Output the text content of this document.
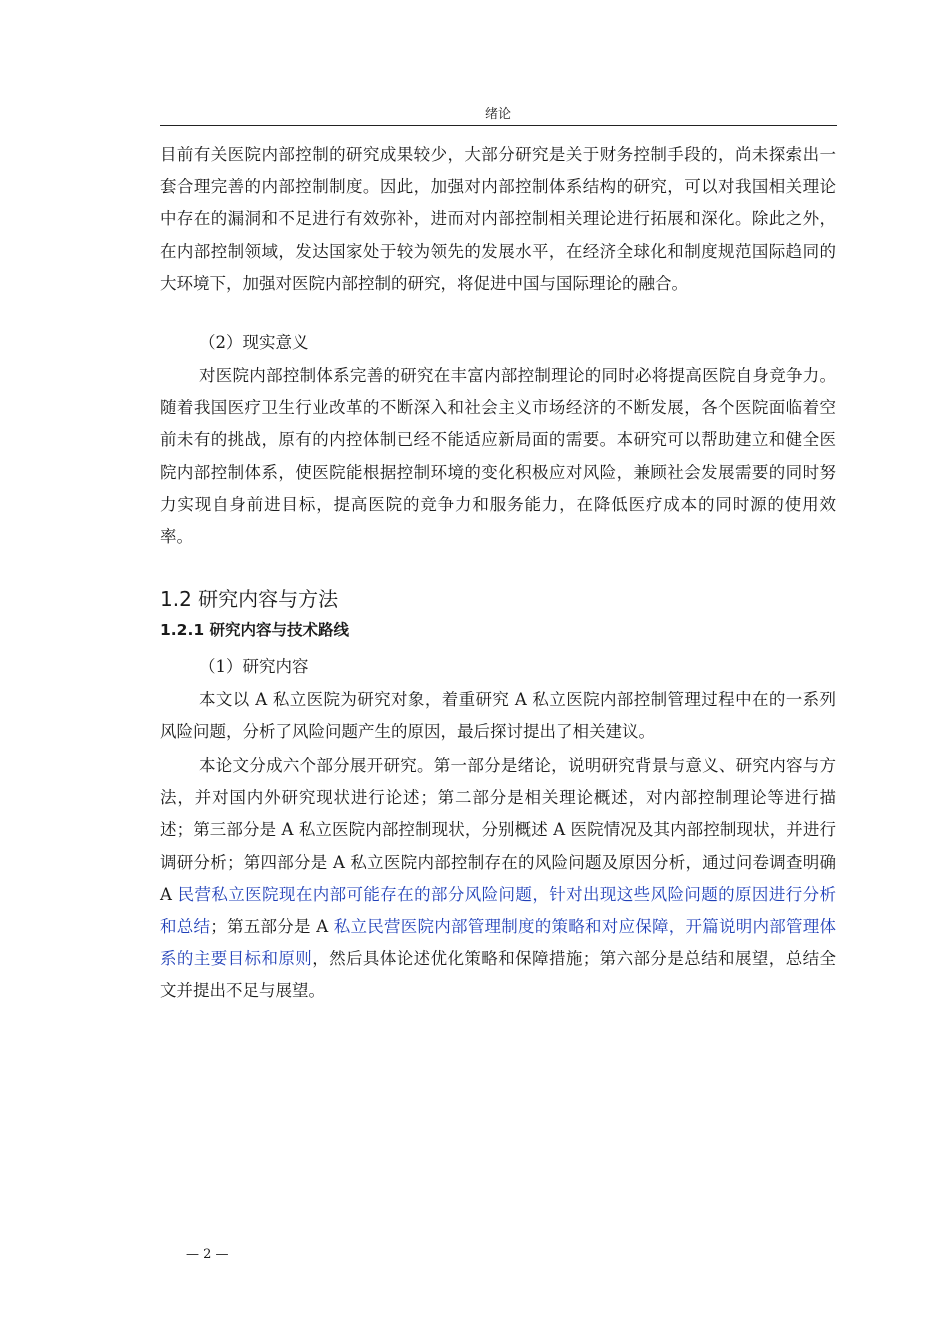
绪论

目前有关医院内部控制的研究成果较少，大部分研究是关于财务控制手段的，尚未探索出一套合理完善的内部控制制度。因此，加强对内部控制体系结构的研究，可以对我国相关理论中存在的漏洞和不足进行有效弥补，进而对内部控制相关理论进行拓展和深化。除此之外，在内部控制领域，发达国家处于较为领先的发展水平，在经济全球化和制度规范国际趋同的大环境下，加强对医院内部控制的研究，将促进中国与国际理论的融合。

（2）现实意义

对医院内部控制体系完善的研究在丰富内部控制理论的同时必将提高医院自身竞争力。随着我国医疗卫生行业改革的不断深入和社会主义市场经济的不断发展，各个医院面临着空前未有的挑战，原有的内控体制已经不能适应新局面的需要。本研究可以帮助建立和健全医院内部控制体系，使医院能根据控制环境的变化积极应对风险，兼顾社会发展需要的同时努力实现自身前进目标，提高医院的竞争力和服务能力，在降低医疗成本的同时源的使用效率。

1.2 研究内容与方法
1.2.1 研究内容与技术路线

（1）研究内容

本文以 A 私立医院为研究对象，着重研究 A 私立医院内部控制管理过程中在的一系列风险问题，分析了风险问题产生的原因，最后探讨提出了相关建议。

本论文分成六个部分展开研究。第一部分是绪论，说明研究背景与意义、研究内容与方法，并对国内外研究现状进行论述；第二部分是相关理论概述，对内部控制理论等进行描述；第三部分是 A 私立医院内部控制现状，分别概述 A 医院情况及其内部控制现状，并进行调研分析；第四部分是 A 私立医院内部控制存在的风险问题及原因分析，通过问卷调查明确 A 民营私立医院现在内部可能存在的部分风险问题，针对出现这些风险问题的原因进行分析和总结；第五部分是 A 私立民营医院内部管理制度的策略和对应保障，开篇说明内部管理体系的主要目标和原则，然后具体论述优化策略和保障措施；第六部分是总结和展望，总结全文并提出不足与展望。

— 2 —
